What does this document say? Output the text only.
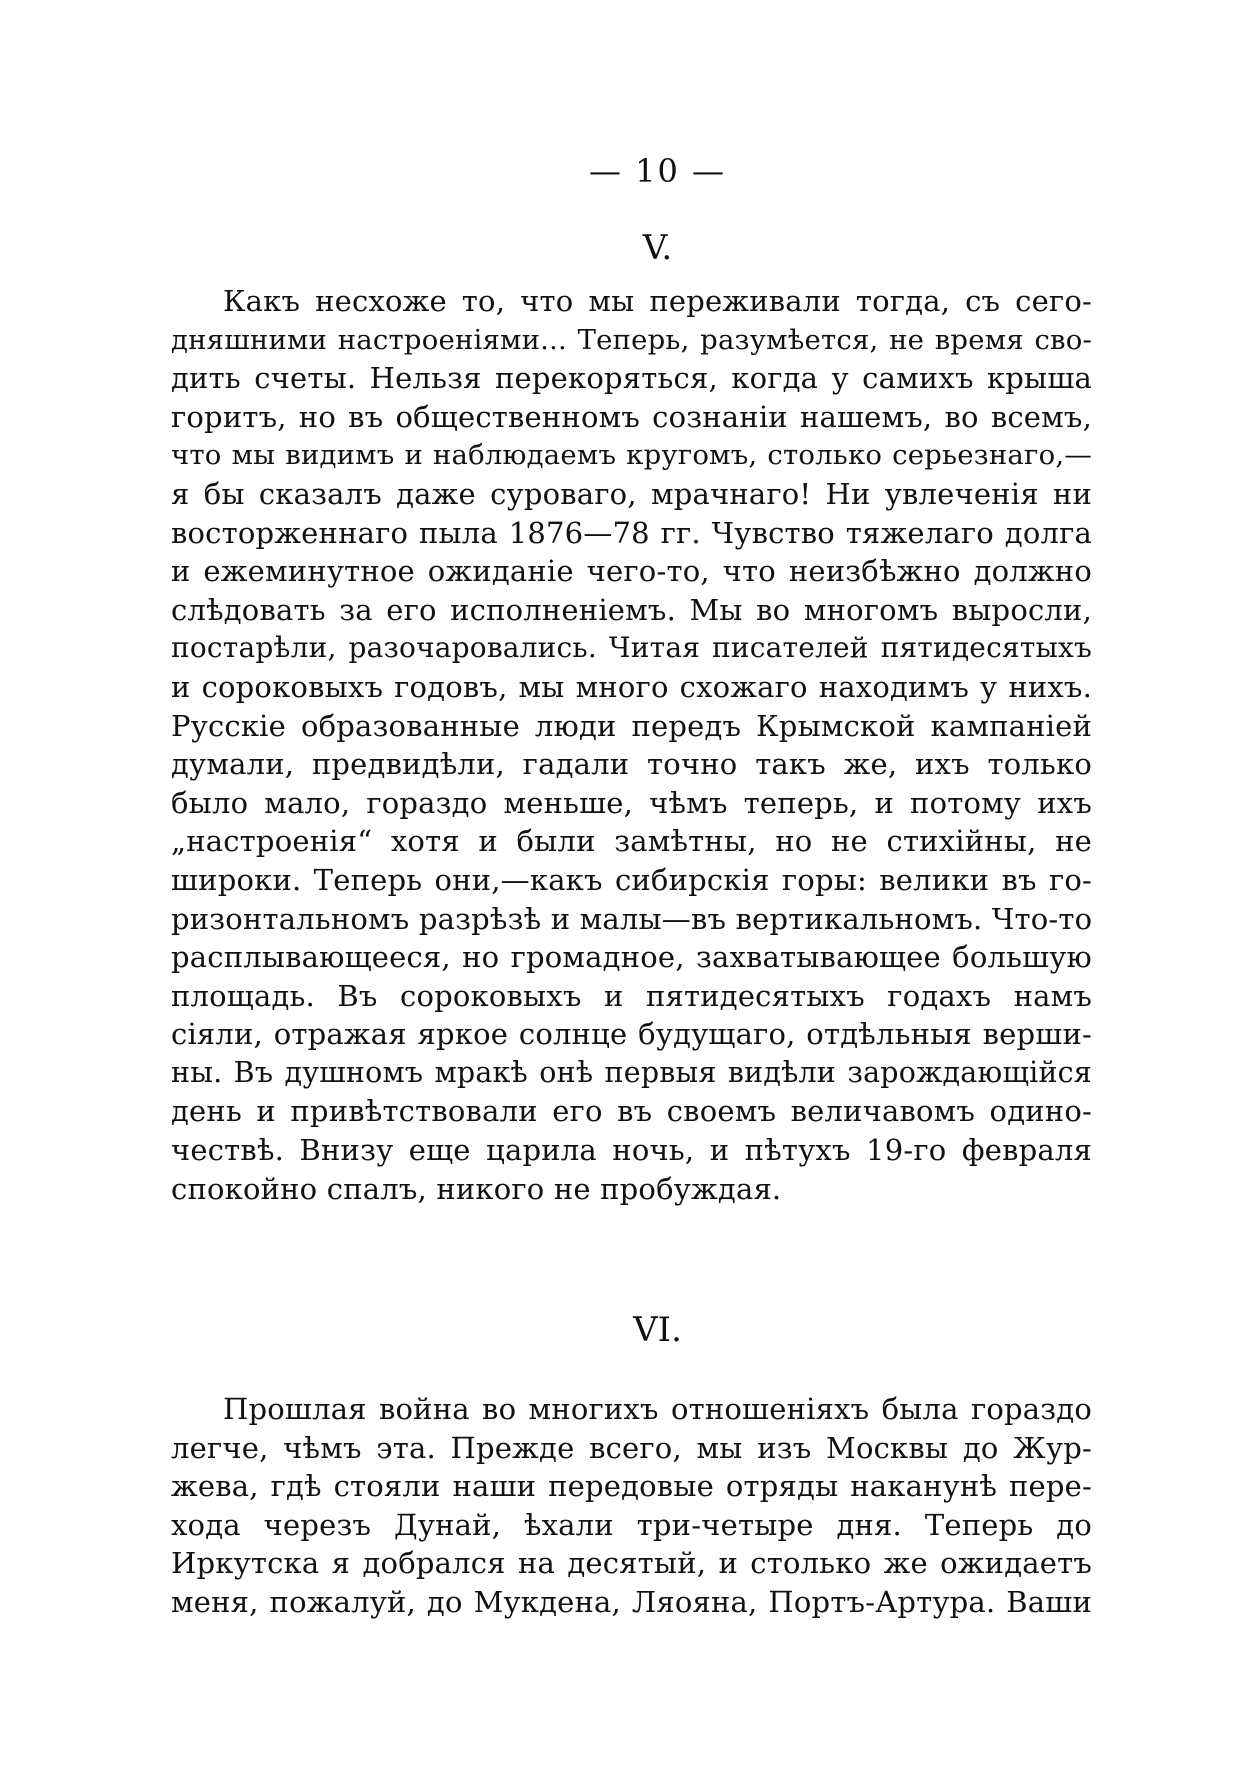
— 10 —
V.
Какъ несхоже то, что мы переживали тогда, съ сего-
дняшними настроеніями... Теперь, разумѣется, не время сво-
дить счеты. Нельзя перекоряться, когда у самихъ крыша
горитъ, но въ общественномъ сознаніи нашемъ, во всемъ,
что мы видимъ и наблюдаемъ кругомъ, столько серьезнаго,—
я бы сказалъ даже суроваго, мрачнаго! Ни увлеченія ни
восторженнаго пыла 1876—78 гг. Чувство тяжелаго долга
и ежеминутное ожиданіе чего-то, что неизбѣжно должно
слѣдовать за его исполненіемъ. Мы во многомъ выросли,
постарѣли, разочаровались. Читая писателей пятидесятыхъ
и сороковыхъ годовъ, мы много схожаго находимъ у нихъ.
Русскіе образованные люди передъ Крымской кампаніей
думали, предвидѣли, гадали точно такъ же, ихъ только
было мало, гораздо меньше, чѣмъ теперь, и потому ихъ
„настроенія“ хотя и были замѣтны, но не стихійны, не
широки. Теперь они,—какъ сибирскія горы: велики въ го-
ризонтальномъ разрѣзѣ и малы—въ вертикальномъ. Что-то
расплывающееся, но громадное, захватывающее большую
площадь. Въ сороковыхъ и пятидесятыхъ годахъ намъ
сіяли, отражая яркое солнце будущаго, отдѣльныя верши-
ны. Въ душномъ мракѣ онѣ первыя видѣли зарождающійся
день и привѣтствовали его въ своемъ величавомъ одино-
чествѣ. Внизу еще царила ночь, и пѣтухъ 19-го февраля
спокойно спалъ, никого не пробуждая.
VI.
Прошлая война во многихъ отношеніяхъ была гораздо
легче, чѣмъ эта. Прежде всего, мы изъ Москвы до Жур-
жева, гдѣ стояли наши передовые отряды наканунѣ пере-
хода черезъ Дунай, ѣхали три-четыре дня. Теперь до
Иркутска я добрался на десятый, и столько же ожидаетъ
меня, пожалуй, до Мукдена, Ляояна, Портъ-Артура. Ваши
